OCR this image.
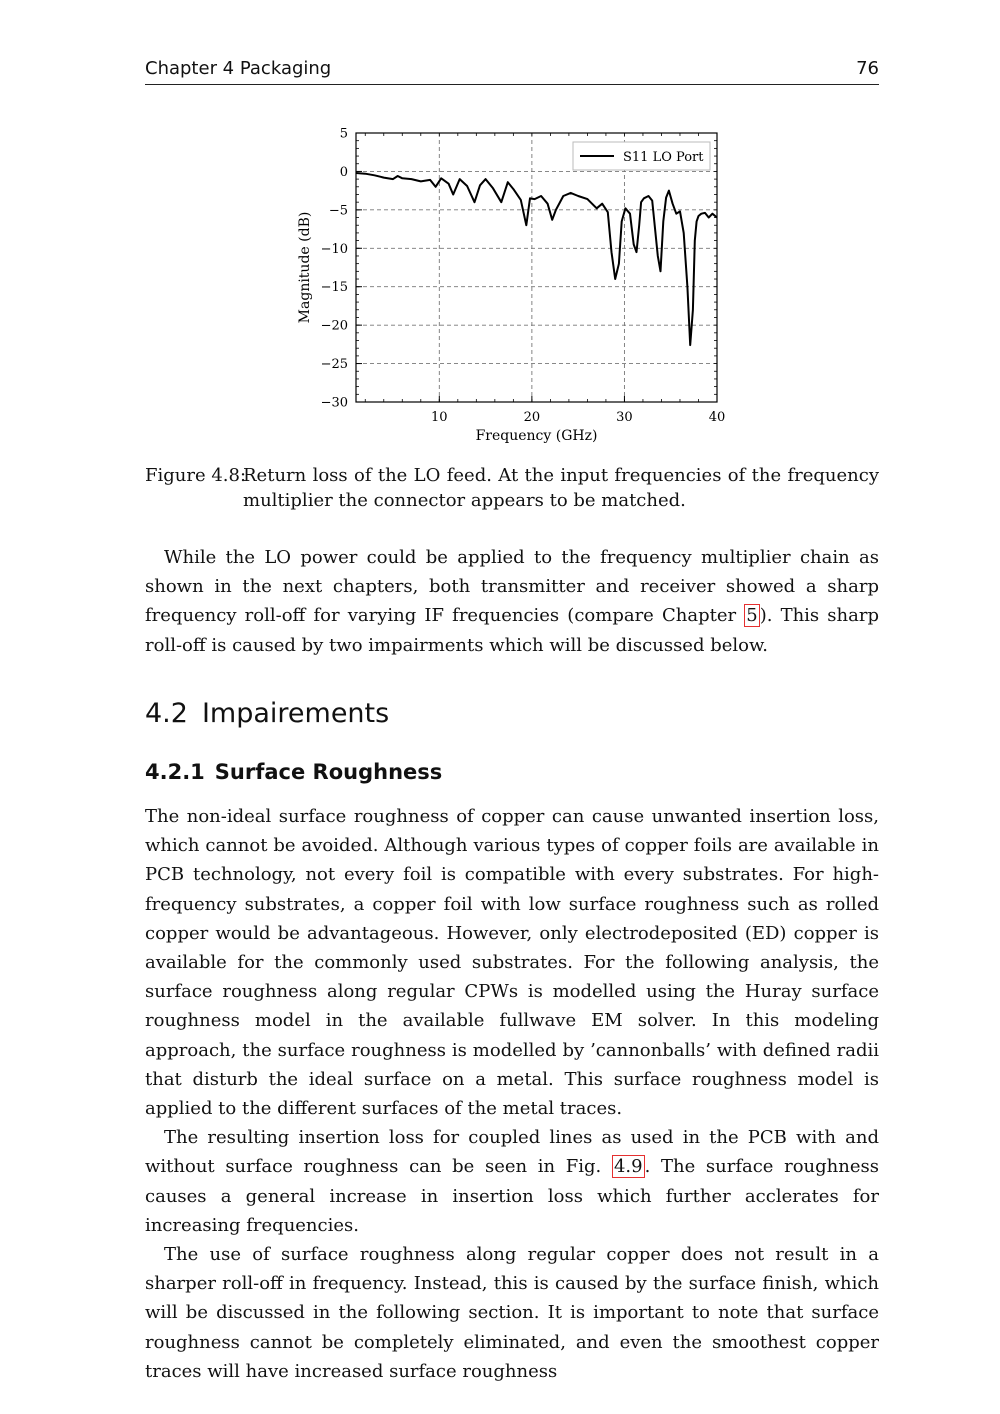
Chapter 4 Packaging	76
10	20	30	40
5
0
−5
−10
−15
−20
−25
−30
S11 LO Port
Frequency (GHz)
Magnitude (dB)
Figure 4.8:
Return loss of the LO feed. At the input frequencies of the frequency multiplier the connector appears to be matched.

While the LO power could be applied to the frequency multiplier chain as shown in the next chapters, both transmitter and receiver showed a sharp frequency roll-off for varying IF frequencies (compare Chapter 5 ). This sharp roll-off is caused by two impairments which will be discussed below.

4.2 Impairements
4.2.1 Surface Roughness

The non-ideal surface roughness of copper can cause unwanted insertion loss, which cannot be avoided. Although various types of copper foils are available in PCB technology, not every foil is compatible with every substrates. For high-frequency substrates, a copper foil with low surface roughness such as rolled copper would be advantageous. However, only electrodeposited (ED) copper is available for the commonly used substrates. For the following analysis, the surface roughness along regular CPWs is modelled using the Huray surface roughness model in the available fullwave EM solver. In this modeling approach, the surface roughness is modelled by ’cannonballs’ with defined radii that disturb the ideal surface on a metal. This surface roughness model is applied to the different surfaces of the metal traces.

The resulting insertion loss for coupled lines as used in the PCB with and without surface roughness can be seen in Fig. 4.9 . The surface roughness causes a general increase in insertion loss which further acclerates for increasing frequencies.

The use of surface roughness along regular copper does not result in a sharper roll-off in frequency. Instead, this is caused by the surface finish, which will be discussed in the following section. It is important to note that surface roughness cannot be completely eliminated, and even the smoothest copper traces will have increased surface roughness
